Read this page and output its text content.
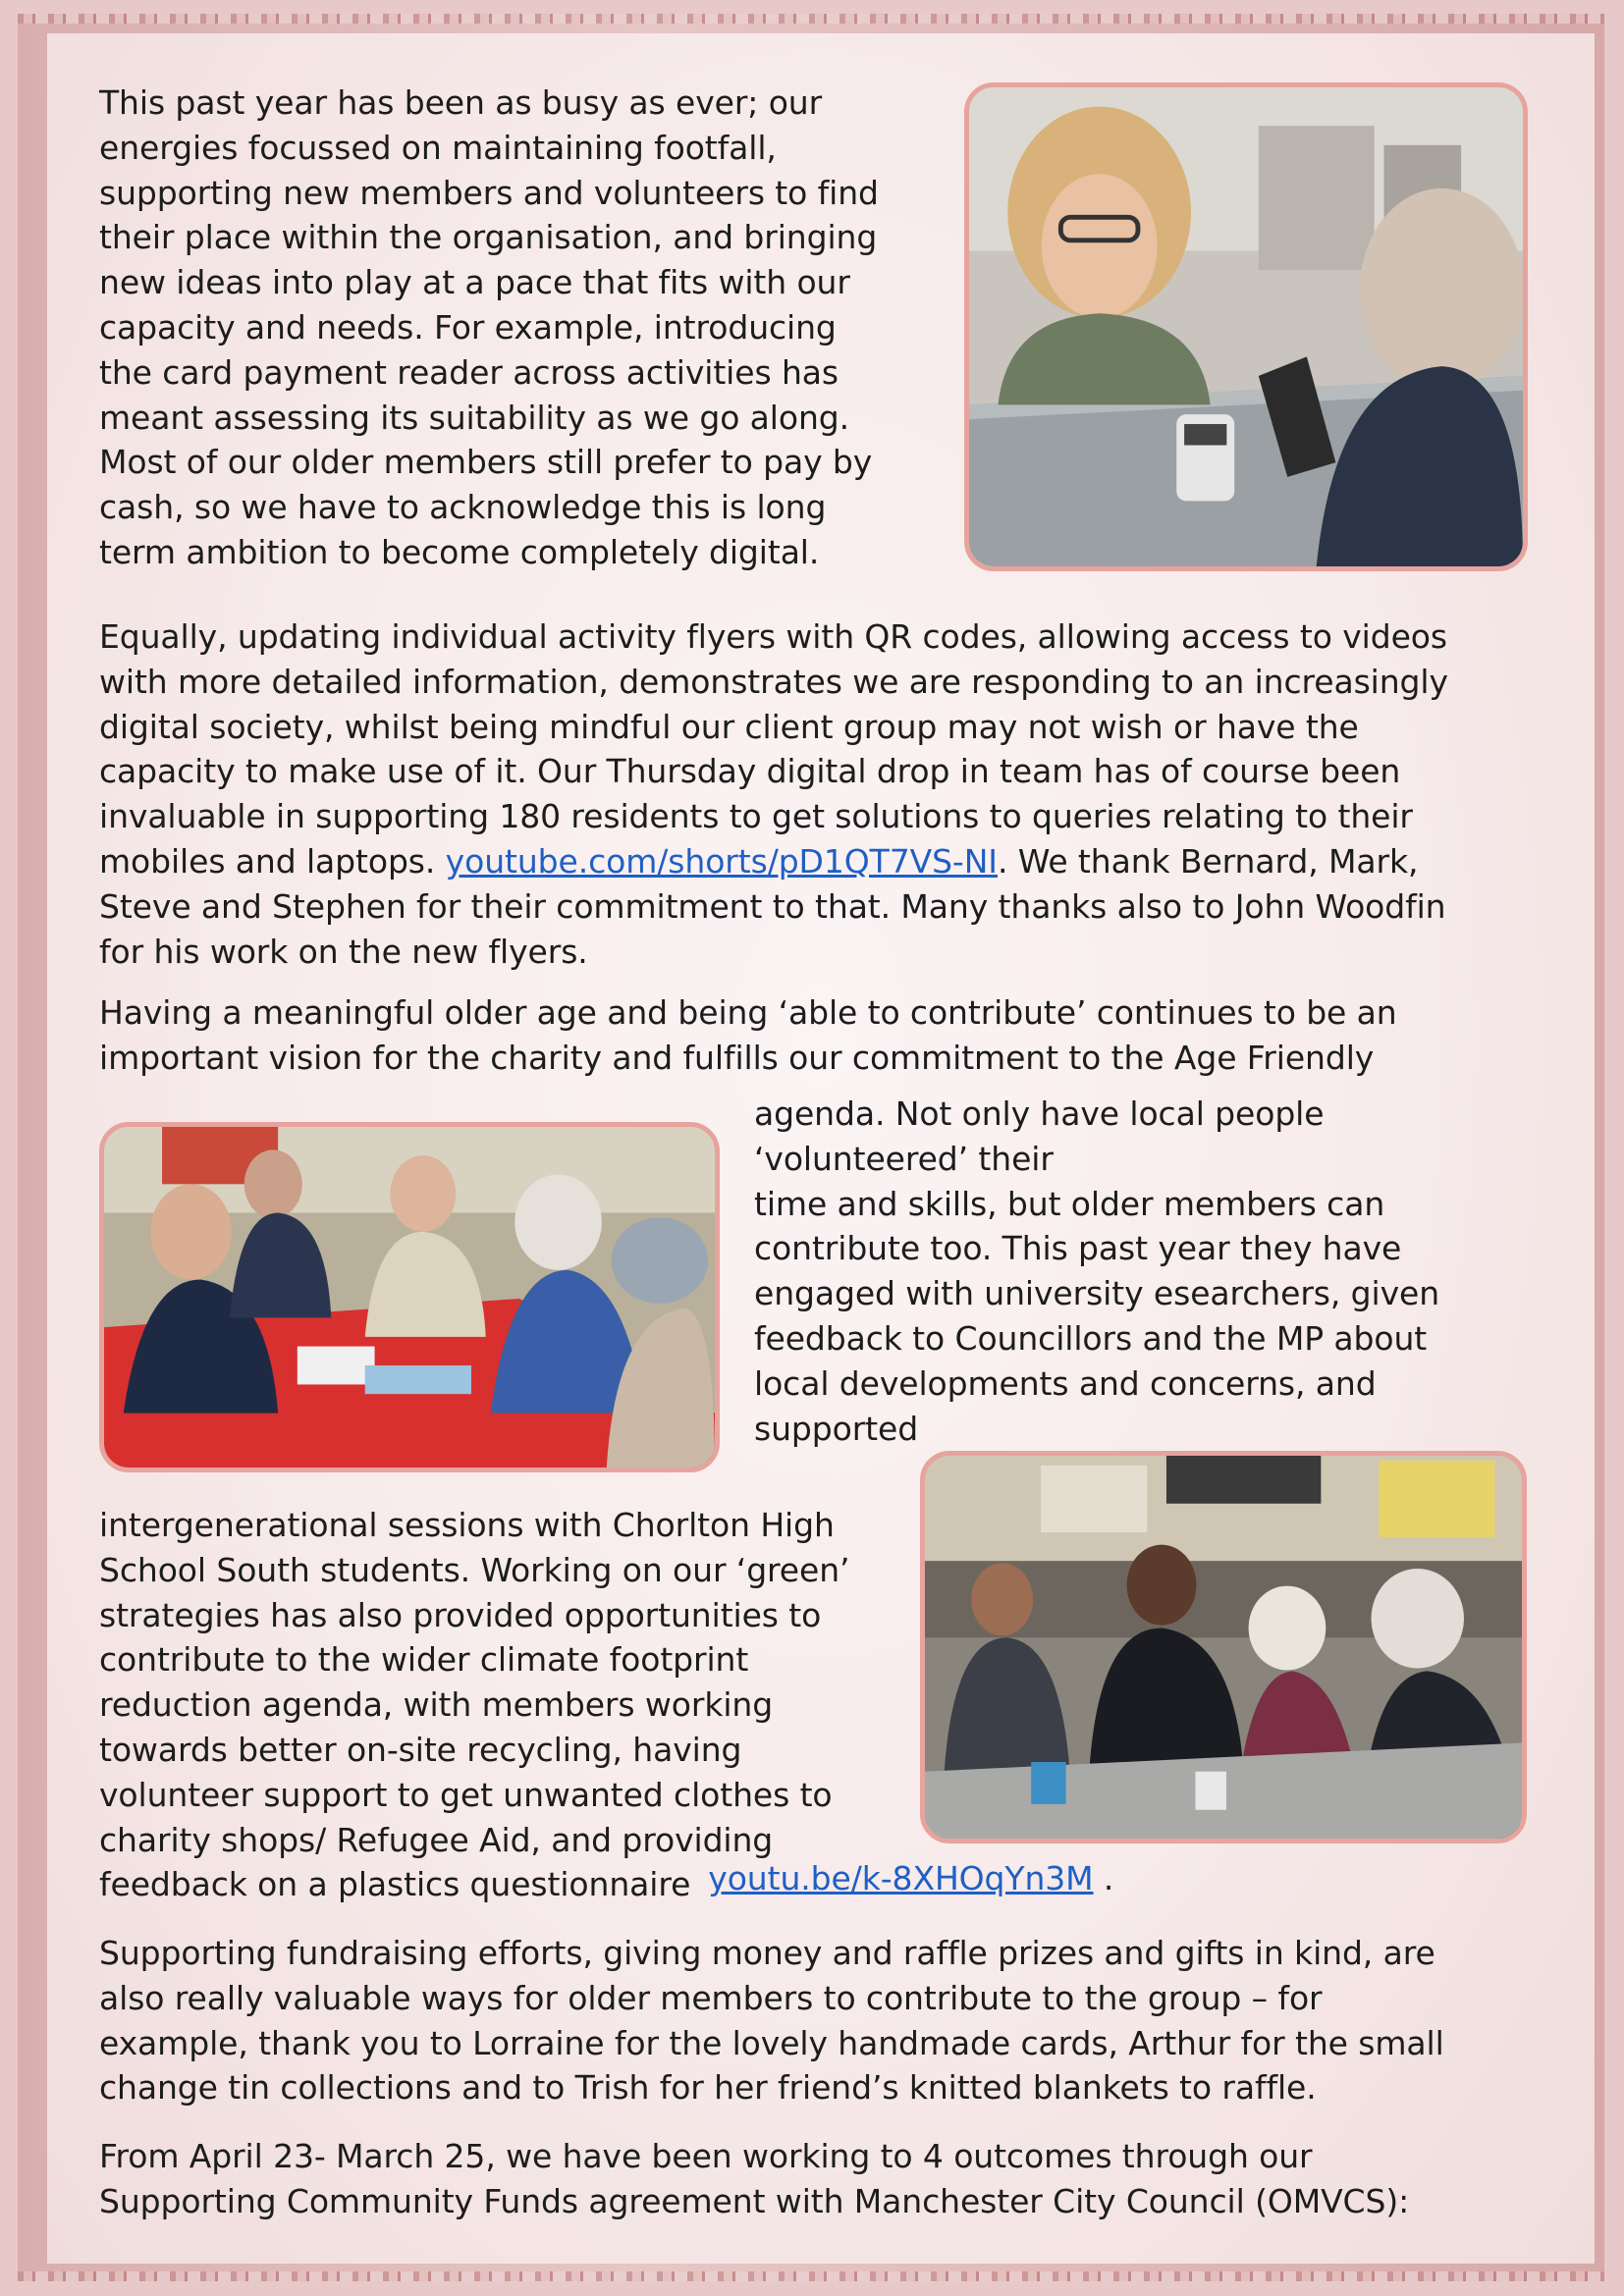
This past year has been as busy as ever; our
energies focussed on maintaining footfall,
supporting new members and volunteers to find
their place within the organisation, and bringing
new ideas into play at a pace that fits with our
capacity and needs. For example, introducing
the card payment reader across activities has
meant assessing its suitability as we go along.
Most of our older members still prefer to pay by
cash, so we have to acknowledge this is long
term ambition to become completely digital.
Equally, updating individual activity flyers with QR codes, allowing access to videos
with more detailed information, demonstrates we are responding to an increasingly
digital society, whilst being mindful our client group may not wish or have the
capacity to make use of it. Our Thursday digital drop in team has of course been
invaluable in supporting 180 residents to get solutions to queries relating to their
mobiles and laptops. youtube.com/shorts/pD1QT7VS-NI. We thank Bernard, Mark,
Steve and Stephen for their commitment to that. Many thanks also to John Woodfin
for his work on the new flyers.
Having a meaningful older age and being ‘able to contribute’ continues to be an
important vision for the charity and fulfills our commitment to the Age Friendly
agenda. Not only have local people
‘volunteered’ their
time and skills, but older members can
contribute too. This past year they have
engaged with university esearchers, given
feedback to Councillors and the MP about
local developments and concerns, and
supported
intergenerational sessions with Chorlton High
School South students. Working on our ‘green’
strategies has also provided opportunities to
contribute to the wider climate footprint
reduction agenda, with members working
towards better on-site recycling, having
volunteer support to get unwanted clothes to
charity shops/ Refugee Aid, and providing
feedback on a plastics questionnaire youtu.be/k-8XHOqYn3M .
Supporting fundraising efforts, giving money and raffle prizes and gifts in kind, are
also really valuable ways for older members to contribute to the group – for
example, thank you to Lorraine for the lovely handmade cards, Arthur for the small
change tin collections and to Trish for her friend’s knitted blankets to raffle.
From April 23- March 25, we have been working to 4 outcomes through our
Supporting Community Funds agreement with Manchester City Council (OMVCS):
